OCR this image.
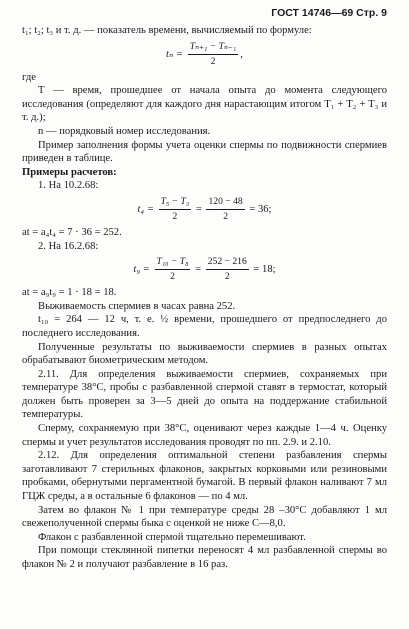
ГОСТ 14746—69 Стр. 9

t₁; t₂; t₃ и т. д. — показатель времени, вычисляемый по формуле:

$t_n = \frac{\text{Tₙ₊₁ − Tₙ₋₁}}{2}$ ,

где

T — время, прошедшее от начала опыта до момента следующего исследования (определяют для каждого дня нарастающим итогом T₁ + T₂ + T₃ и т. д.);

n — порядковый номер исследования.

Пример заполнения формы учета оценки спермы по подвижности спермиев приведен в таблице.

Примеры расчетов:

1. На 10.2.68:

$t_4 = \frac{\text{T₅ − T₃}}{2} = \frac{120 - 48}{2} = 36$;

at = a₄t₄ = 7 · 36 = 252.

2. На 16.2.68:

$t_9 = \frac{\text{T₁₀ − T₈}}{2} = \frac{252 - 216}{2} = 18$;

at = a₉t₉ = 1 · 18 = 18.

Выживаемость спермиев в часах равна 252.

t₁₀ = 264 — 12 ч, т. е. ½ времени, прошедшего от предпоследнего до последнего исследования.

Полученные результаты по выживаемости спермиев в разных опытах обрабатывают биометрическим методом.

2.11. Для определения выживаемости спермиев, сохраняемых при температуре 38°С, пробы с разбавленной спермой ставят в термостат, который должен быть проверен за 3—5 дней до опыта на поддержание стабильной температуры.

Сперму, сохраняемую при 38°С, оценивают через каждые 1—4 ч. Оценку спермы и учет результатов исследования проводят по пп. 2.9. и 2.10.

2.12. Для определения оптимальной степени разбавления спермы заготавливают 7 стерильных флаконов, закрытых корковыми или резиновыми пробками, обернутыми пергаментной бумагой. В первый флакон наливают 7 мл ГЦЖ среды, а в остальные 6 флаконов — по 4 мл.

Затем во флакон № 1 при температуре среды 28 –30°С добавляют 1 мл свежеполученной спермы быка с оценкой не ниже С—8,0.

Флакон с разбавленной спермой тщательно перемешивают.

При помощи стеклянной пипетки переносят 4 мл разбавленной спермы во флакон № 2 и получают разбавление в 16 раз.
